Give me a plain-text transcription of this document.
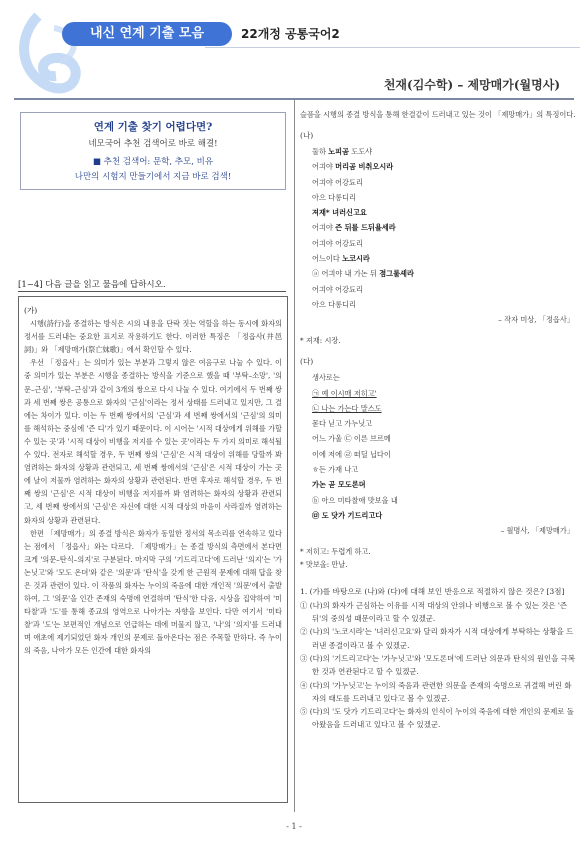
내신 연계 기출 모음	22개정 공통국어2
천재(김수학) – 제망매가(월명사)
연계 기출 찾기 어렵다면?
네모국어 추천 검색어로 바로 해결!
■ 추천 검색어: 문학, 추모, 비유
나만의 시험지 만들기에서 지금 바로 검색!
[1~4] 다음 글을 읽고 물음에 답하시오.
(가)

시행(詩行)을 종결하는 방식은 시의 내용을 단락 짓는 역할을 하는 동시에 화자의 정서를 드러내는 중요한 표지로 작용하기도 한다. 이러한 특징은 「정읍사(井邑詞)」와 「제망매가(祭亡妹歌)」에서 확인할 수 있다.

우선 「정읍사」는 의미가 있는 부분과 그렇지 않은 여음구로 나눌 수 있다. 이 중 의미가 있는 부분은 시행을 종결하는 방식을 기준으로 했을 때 '부탁–소망', '의문–근심', '부탁–근심'과 같이 3개의 쌍으로 다시 나눌 수 있다. 여기에서 두 번째 쌍과 세 번째 쌍은 공통으로 화자의 '근심'이라는 정서 상태를 드러내고 있지만, 그 결에는 차이가 있다. 이는 두 번째 쌍에서의 '근심'과 세 번째 쌍에서의 '근심'의 의미를 해석하는 중심에 '즌 디'가 있기 때문이다. 이 시어는 '시적 대상에게 위해를 가할 수 있는 곳'과 '시적 대상이 비행을 저지를 수 있는 곳'이라는 두 가지 의미로 해석될 수 있다. 전자로 해석할 경우, 두 번째 쌍의 '근심'은 시적 대상이 위해를 당할까 봐 염려하는 화자의 상황과 관련되고, 세 번째 쌍에서의 '근심'은 시적 대상이 가는 곳에 날이 저물까 염려하는 화자의 상황과 관련된다. 반면 후자로 해석할 경우, 두 번째 쌍의 '근심'은 시적 대상이 비행을 저지를까 봐 염려하는 화자의 상황과 관련되고, 세 번째 쌍에서의 '근심'은 자신에 대한 시적 대상의 마음이 사라질까 염려하는 화자의 상황과 관련된다.

한편 「제망매가」의 종결 방식은 화자가 동일한 정서의 목소리를 연속하고 있다는 점에서 「정읍사」와는 다르다. 「제망매가」는 종결 방식의 측면에서 본다면 크게 '의문–탄식–의지'로 구분된다. 마지막 구의 '기드리고다'에 드러난 '의지'는 '가논닛고'와 '모도 온뎌'와 같은 '의문'과 '탄식'을 갖게 한 근원적 문제에 대해 답을 찾은 것과 관련이 있다. 이 작품의 화자는 누이의 죽음에 대한 개인적 '의문'에서 출발하여, 그 '의문'을 인간 존재의 숙명에 연결하며 '탄식'한 다음, 시상을 집약하여 '미타찰'과 '도'를 통해 종교의 영역으로 나아가는 자향을 보인다. 다만 여기서 '미타찰'과 '도'는 보편적인 개념으로 언급하는 데에 머물지 않고, '나'의 '의지'를 드러내며 애초에 제기되었던 화자 개인의 문제로 돌아온다는 점은 주목할 만하다. 즉 누이의 죽음, 나아가 모든 인간에 대한 화자의

슬픔을 시행의 종결 방식을 통해 한결같이 드러내고 있는 것이 「제망매가」의 특징이다.

(나)
둘하 노피곰 도도샤
어긔야 머리곰 비취오시라
어긔야 어강됴리
아으 다롱디리
져재* 녀러신고요
어긔야 즌 뒤를 드뒤욜세라
어긔야 어강됴리
어느이다 노코시라
ⓐ 어긔야 내 가논 뒤 졈그룰셰라
어긔야 어강됴리
아으 다롱디리
– 작자 미상, 「정읍사」
* 져재: 시장.
(다)
생사로는
㉠ 예 이시매 저히고'
㉡ 나는 가는다 말스도
몯다 닏고 가누닛고
어느 가울 ㉢ 이른 브르메
이에 저에 ㉣ 떠딜 닙다이
ㅎ든 가재 나고
가논 곧 모도론뎌
ⓑ 아으 미타찰애 맛보올 내
㉤ 도 닷가 기드리고다
– 월명사, 「제망매가」
* 저히고: 두렵게 하고.
* 맛보올: 만날.
1. (가)를 바탕으로 (나)와 (다)에 대해 보인 반응으로 적절하지 않은 것은? [3점]
① (나)의 화자가 근심하는 이유를 시적 대상의 안위나 비행으로 볼 수 있는 것은 '즌 뒤'의 중의성 때문이라고 할 수 있겠군.
② (나)의 '노코시라'는 '녀러신고요'와 달리 화자가 시적 대상에게 부탁하는 상황을 드러낸 종결이라고 볼 수 있겠군.
③ (다)의 '기드리고다'는 '가누닛고'와 '모도론뎌'에 드러난 의문과 탄식의 원인을 극복한 것과 연관된다고 할 수 있겠군.
④ (다)의 '가누닛고'는 누이의 죽음과 관련한 의문을 존재의 숙명으로 귀결해 버린 화자의 태도를 드러내고 있다고 볼 수 있겠군.
⑤ (다)의 '도 닷가 기드리고다'는 화자의 인식이 누이의 죽음에 대한 개인의 문제로 돌아왔음을 드러내고 있다고 볼 수 있겠군.
- 1 -
